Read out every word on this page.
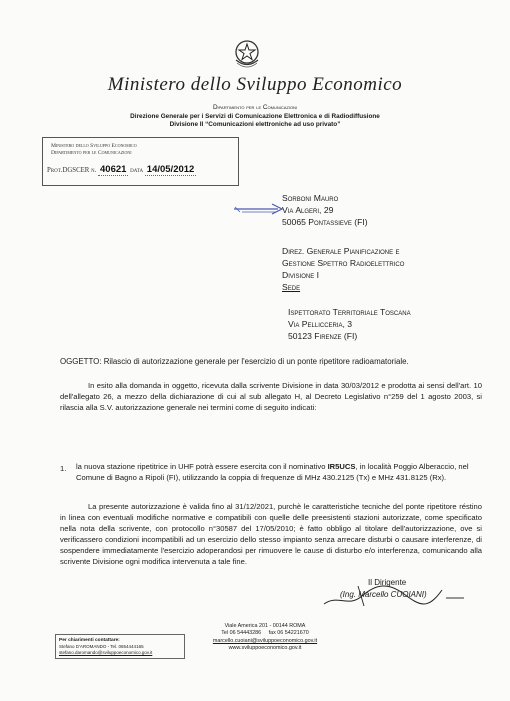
Ministero dello Sviluppo Economico
Dipartimento per le Comunicazioni
Direzione Generale per i Servizi di Comunicazione Elettronica e di Radiodiffusione
Divisione II “Comunicazioni elettroniche ad uso privato”
Ministero dello Sviluppo Economico
Dipartimento per le Comunicazioni
Prot.DGSCER n. 40621 data 14/05/2012
Sorboni Mauro
Via Algeri, 29
50065 Pontassieve (FI)
Direz. Generale Pianificazione e
Gestione Spettro Radioelettrico
Divisione I
Sede
Ispettorato Territoriale Toscana
Via Pellicceria, 3
50123 Firenze (FI)
OGGETTO: Rilascio di autorizzazione generale per l'esercizio di un ponte ripetitore radioamatoriale.

In esito alla domanda in oggetto, ricevuta dalla scrivente Divisione in data 30/03/2012 e prodotta ai sensi dell'art. 10 dell'allegato 26, a mezzo della dichiarazione di cui al sub allegato H, al Decreto Legislativo n°259 del 1 agosto 2003, si rilascia alla S.V. autorizzazione generale nei termini come di seguito indicati:

1. la nuova stazione ripetitrice in UHF potrà essere esercita con il nominativo IR5UCS, in località Poggio Alberaccio, nel Comune di Bagno a Ripoli (FI), utilizzando la coppia di frequenze di MHz 430.2125 (Tx) e MHz 431.8125 (Rx).

La presente autorizzazione è valida fino al 31/12/2021, purchè le caratteristiche tecniche del ponte ripetitore réstino in linea con eventuali modifiche normative e compatibili con quelle delle preesistenti stazioni autorizzate, come specificato nella nota della scrivente, con protocollo n°30587 del 17/05/2010; è fatto obbligo al titolare dell'autorizzazione, ove si verificassero condizioni incompatibili ad un esercizio dello stesso impianto senza arrecare disturbi o causare interferenze, di sospendere immediatamente l'esercizio adoperandosi per rimuovere le cause di disturbo e/o interferenza, comunicando alla scrivente Divisione ogni modifica intervenuta a tale fine.

Il Dirigente
(Ing. Marcello CUOIANI)
Per chiarimenti contattare:
Stefano D'AROMANDO - Tel. 0654444165
stefano.daromando@sviluppoeconomico.gov.it
Viale America 201 - 00144 ROMA
Tel 06 54443286     fax 06 54221670
marcello.cuoiani@sviluppoeconomico.gov.it
www.sviluppoeconomico.gov.it
